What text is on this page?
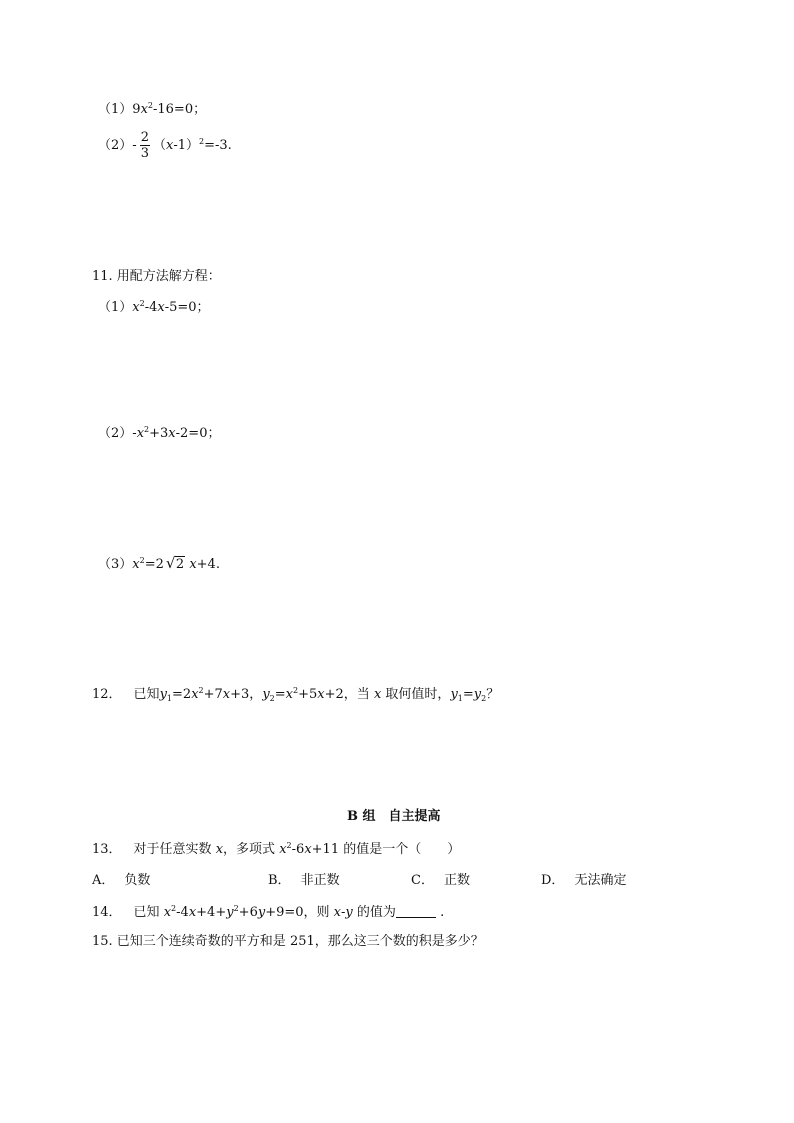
$(1)9x^2-16=0$；
$(2)- \frac{2}{3} (x-1)^2=-3$.
11. 用配方法解方程：
$(1)x^2-4x-5=0$；
$(2)-x^2+3x-2=0$；
$(3)x^2=2$ √ 2 x+4.
12． 已知$y_1=2x^2+7x+3$，$y_2=x^2+5x+2$，当 x 取何值时，$y_1=y_2$？
B 组　自主提高
13． 对于任意实数 x，多项式 $x^2-6x+11$ 的值是一个（　　）
A． 负数	B． 非正数	C． 正数	D． 无法确定
14． 已知 $x^2-4x+4+y^2+6y+9=0$，则 x-y 的值为	.
15. 已知三个连续奇数的平方和是 251，那么这三个数的积是多少？
